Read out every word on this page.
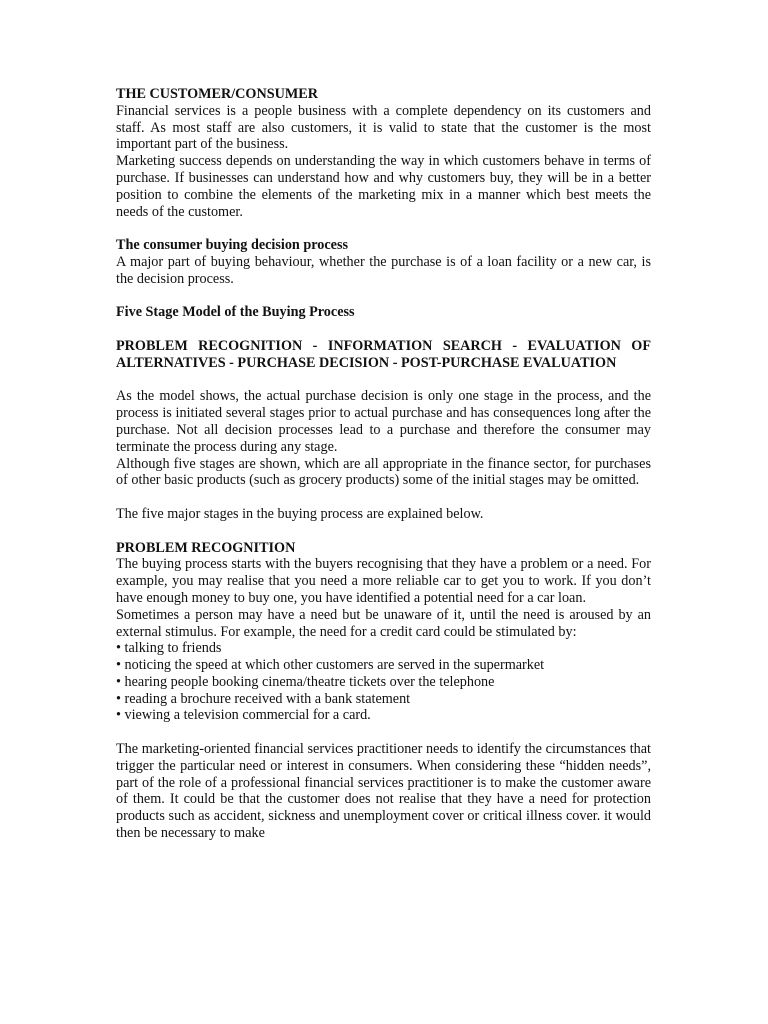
THE CUSTOMER/CONSUMER

Financial services is a people business with a complete dependency on its customers and staff. As most staff are also customers, it is valid to state that the customer is the most important part of the business.

Marketing success depends on understanding the way in which customers behave in terms of purchase. If businesses can understand how and why customers buy, they will be in a better position to combine the elements of the marketing mix in a manner which best meets the needs of the customer.

The consumer buying decision process

A major part of buying behaviour, whether the purchase is of a loan facility or a new car, is the decision process.

Five Stage Model of the Buying Process

PROBLEM RECOGNITION - INFORMATION SEARCH - EVALUATION OF ALTERNATIVES - PURCHASE DECISION - POST-PURCHASE EVALUATION

As the model shows, the actual purchase decision is only one stage in the process, and the process is initiated several stages prior to actual purchase and has consequences long after the purchase. Not all decision processes lead to a purchase and therefore the consumer may terminate the process during any stage.

Although five stages are shown, which are all appropriate in the finance sector, for purchases of other basic products (such as grocery products) some of the initial stages may be omitted.

The five major stages in the buying process are explained below.

PROBLEM RECOGNITION

The buying process starts with the buyers recognising that they have a problem or a need. For example, you may realise that you need a more reliable car to get you to work. If you don’t have enough money to buy one, you have identified a potential need for a car loan.

Sometimes a person may have a need but be unaware of it, until the need is aroused by an external stimulus. For example, the need for a credit card could be stimulated by:

• talking to friends
• noticing the speed at which other customers are served in the supermarket
• hearing people booking cinema/theatre tickets over the telephone
• reading a brochure received with a bank statement
• viewing a television commercial for a card.

The marketing-oriented financial services practitioner needs to identify the circumstances that trigger the particular need or interest in consumers. When considering these “hidden needs”, part of the role of a professional financial services practitioner is to make the customer aware of them. It could be that the customer does not realise that they have a need for protection products such as accident, sickness and unemployment cover or critical illness cover. it would then be necessary to make
